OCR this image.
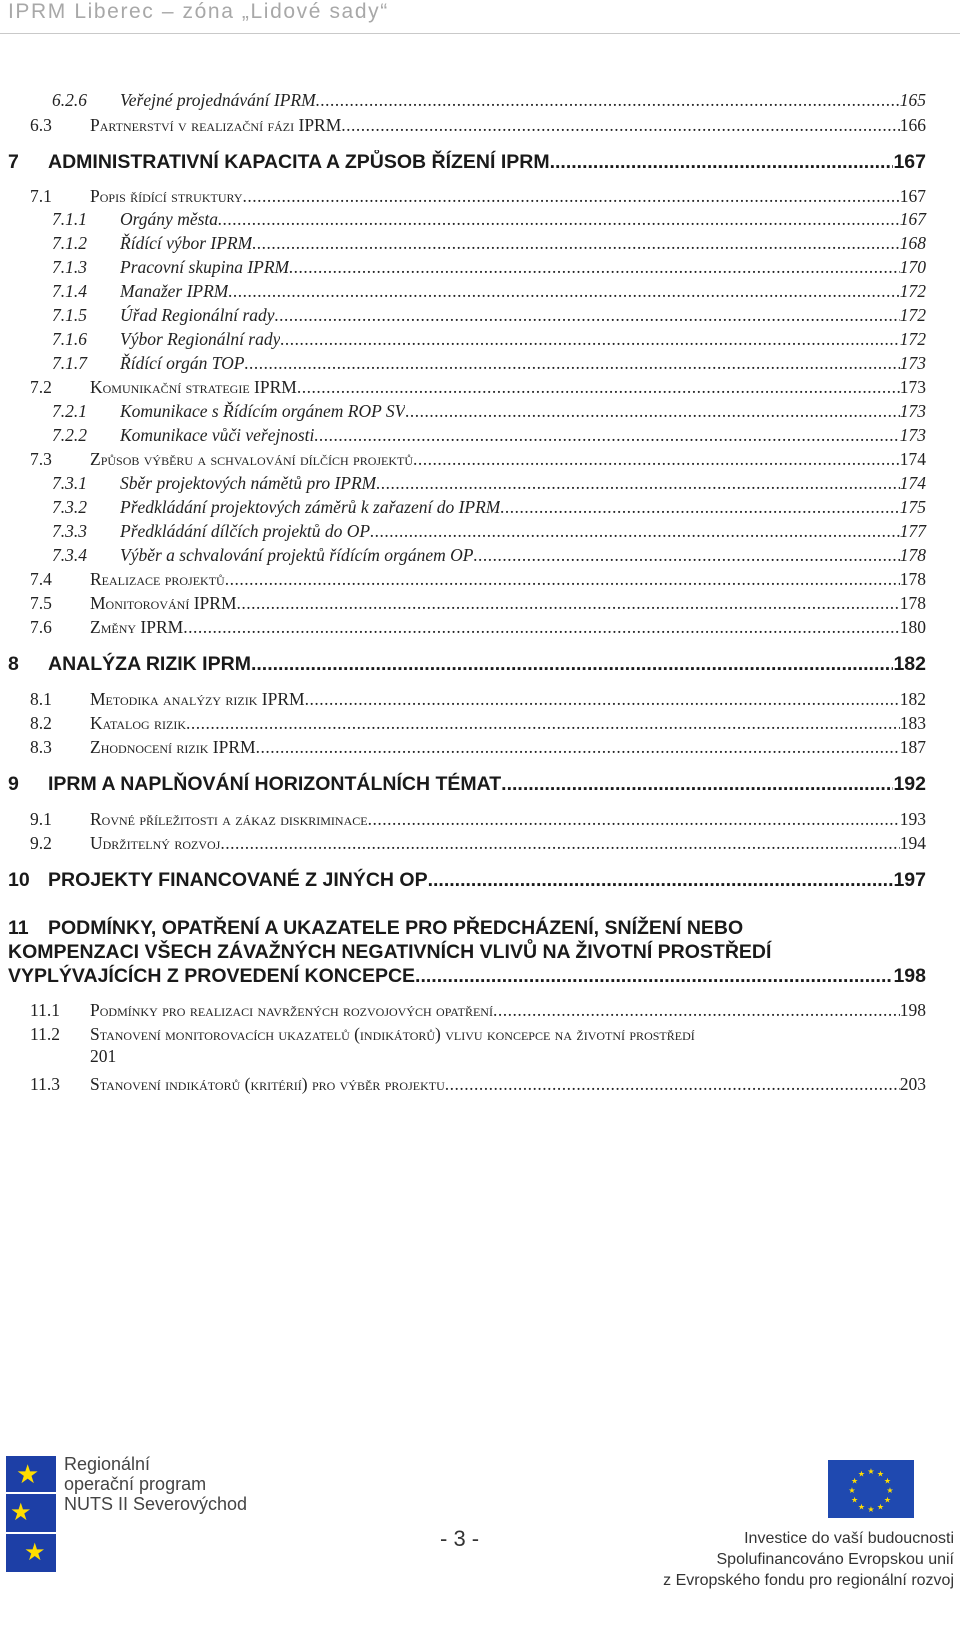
IPRM Liberec – zóna „Lidové sady“
6.2.6	Veřejné projednávání IPRM .....	165
6.3	Partnerství v realizační fázi IPRM .....	166
7	ADMINISTRATIVNÍ KAPACITA A ZPŮSOB ŘÍZENÍ IPRM .....	167
7.1	Popis řídící struktury .....	167
7.1.1	Orgány města .....	167
7.1.2	Řídící výbor IPRM .....	168
7.1.3	Pracovní skupina IPRM .....	170
7.1.4	Manažer IPRM .....	172
7.1.5	Úřad Regionální rady .....	172
7.1.6	Výbor Regionální rady .....	172
7.1.7	Řídící orgán TOP .....	173
7.2	Komunikační strategie IPRM .....	173
7.2.1	Komunikace s Řídícím orgánem ROP SV .....	173
7.2.2	Komunikace vůči veřejnosti .....	173
7.3	Způsob výběru a schvalování dílčích projektů .....	174
7.3.1	Sběr projektových námětů pro IPRM .....	174
7.3.2	Předkládání projektových záměrů k zařazení do IPRM .....	175
7.3.3	Předkládání dílčích projektů do OP .....	177
7.3.4	Výběr a schvalování projektů řídícím orgánem OP .....	178
7.4	Realizace projektů .....	178
7.5	Monitorování IPRM .....	178
7.6	Změny IPRM .....	180
8	ANALÝZA RIZIK IPRM .....	182
8.1	Metodika analýzy rizik IPRM .....	182
8.2	Katalog rizik .....	183
8.3	Zhodnocení rizik IPRM .....	187
9	IPRM A NAPLŇOVÁNÍ HORIZONTÁLNÍCH TÉMAT .....	192
9.1	Rovné příležitosti a zákaz diskriminace .....	193
9.2	Udržitelný rozvoj .....	194
10 PROJEKTY FINANCOVANÉ Z JINÝCH OP .....	197
11 PODMÍNKY, OPATŘENÍ A UKAZATELE PRO PŘEDCHÁZENÍ, SNÍŽENÍ NEBO
KOMPENZACI VŠECH ZÁVAŽNÝCH NEGATIVNÍCH VLIVŮ NA ŽIVOTNÍ PROSTŘEDÍ
VYPLÝVAJÍCÍCH Z PROVEDENÍ KONCEPCE .....	198
11.1	Podmínky pro realizaci navržených rozvojových opatření .....	198
11.2 Stanovení monitorovacích ukazatelů (indikátorů) vlivu koncepce na životní prostředí
201
11.3	Stanovení indikátorů (kritérií) pro výběr projektu .....	203
★
★
★
Regionální
operační program
NUTS II Severovýchod
- 3 -
★ ★
★
★
★
★
★
★
★
★
★
★
Investice do vaší budoucnosti
Spolufinancováno Evropskou unií
z Evropského fondu pro regionální rozvoj
